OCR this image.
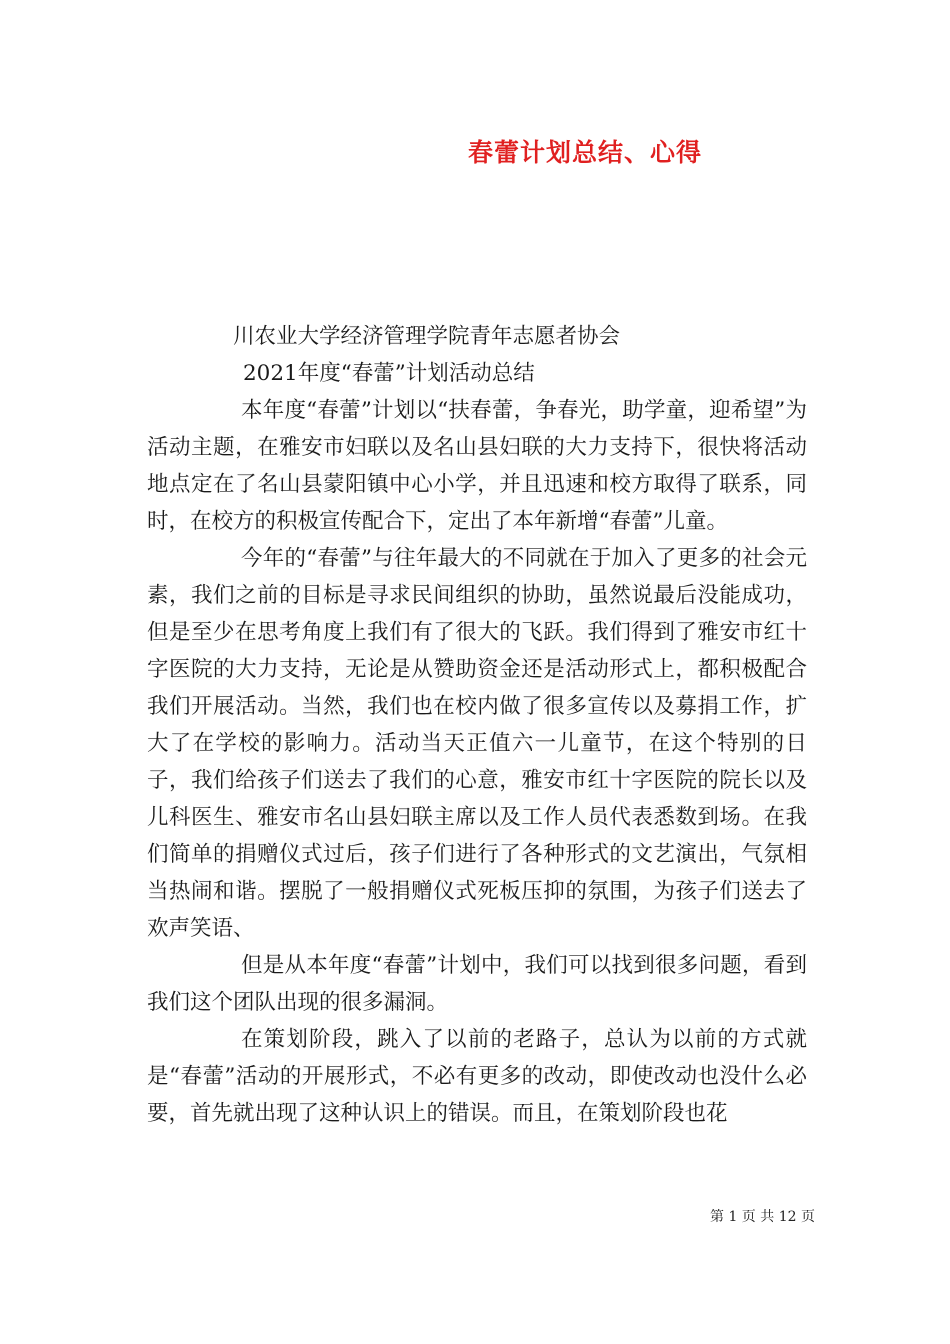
春蕾计划总结、心得
川农业大学经济管理学院青年志愿者协会
2021年度“春蕾”计划活动总结

本年度“春蕾”计划以“扶春蕾，争春光，助学童，迎希望”为活动主题，在雅安市妇联以及名山县妇联的大力支持下，很快将活动地点定在了名山县蒙阳镇中心小学，并且迅速和校方取得了联系，同时，在校方的积极宣传配合下，定出了本年新增“春蕾”儿童。

今年的“春蕾”与往年最大的不同就在于加入了更多的社会元素，我们之前的目标是寻求民间组织的协助，虽然说最后没能成功，但是至少在思考角度上我们有了很大的飞跃。我们得到了雅安市红十字医院的大力支持，无论是从赞助资金还是活动形式上，都积极配合我们开展活动。当然，我们也在校内做了很多宣传以及募捐工作，扩大了在学校的影响力。活动当天正值六一儿童节，在这个特别的日子，我们给孩子们送去了我们的心意，雅安市红十字医院的院长以及儿科医生、雅安市名山县妇联主席以及工作人员代表悉数到场。在我们简单的捐赠仪式过后，孩子们进行了各种形式的文艺演出，气氛相当热闹和谐。摆脱了一般捐赠仪式死板压抑的氛围，为孩子们送去了欢声笑语、

但是从本年度“春蕾”计划中，我们可以找到很多问题，看到我们这个团队出现的很多漏洞。

在策划阶段，跳入了以前的老路子，总认为以前的方式就是“春蕾”活动的开展形式，不必有更多的改动，即使改动也没什么必要，首先就出现了这种认识上的错误。而且，在策划阶段也花

第 1 页 共 12 页
